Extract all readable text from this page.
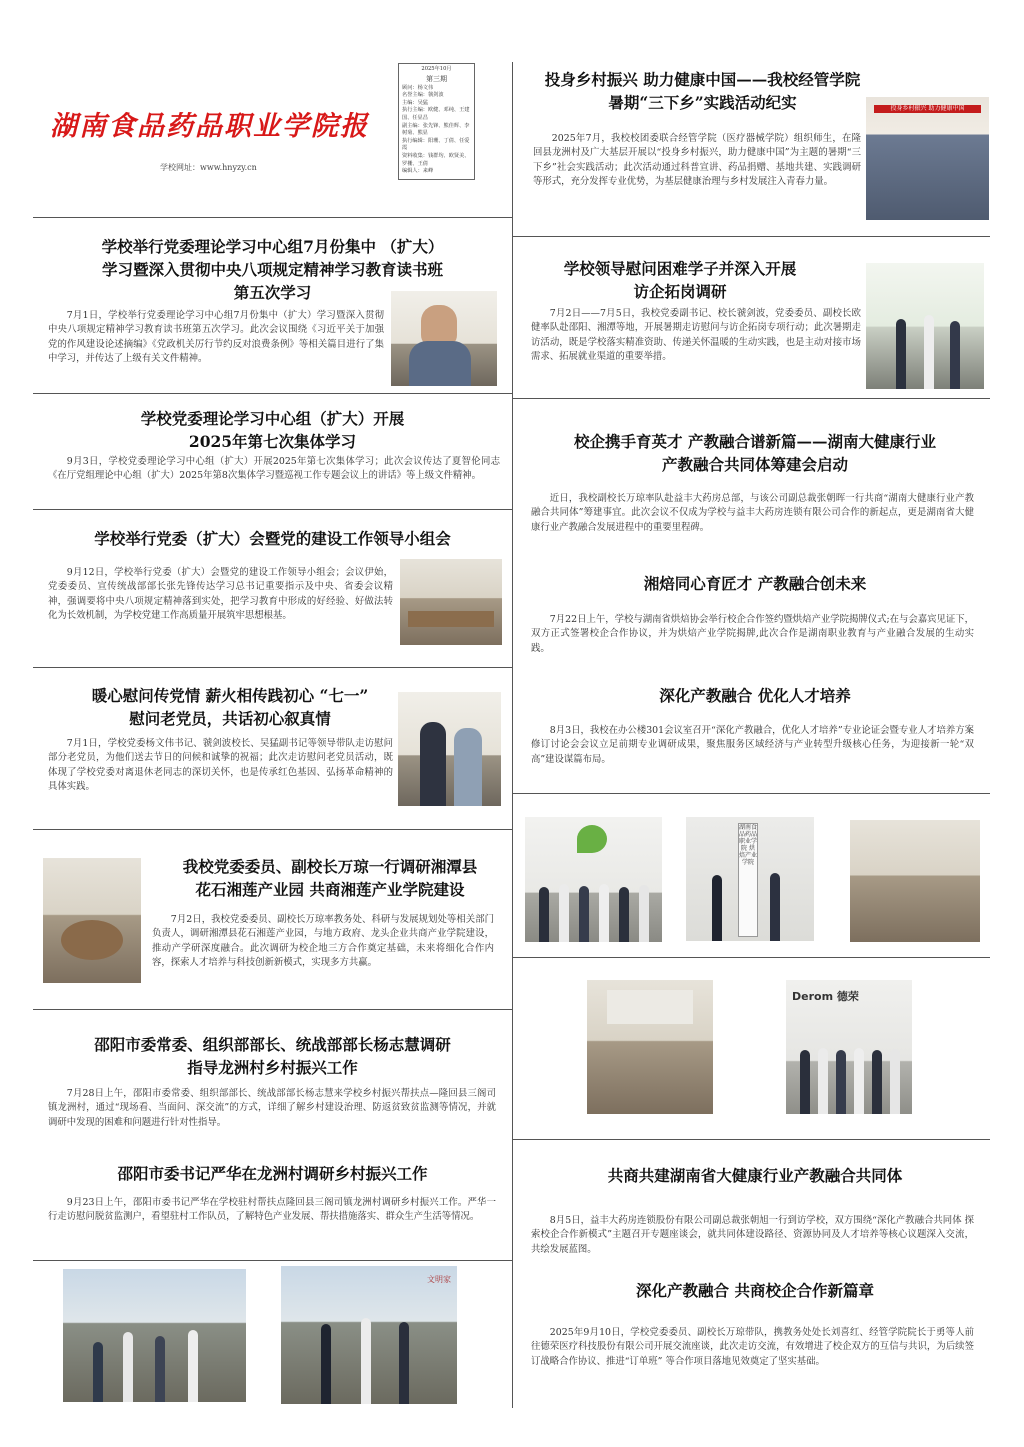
湖南食品药品职业学院报
学校网址：www.hnyzy.cn
2025年10月
第三期
顾问：杨文伟
名誉主编：虢剑波
主编：吴猛
执行主编：欧健、邓纯、王建国、任显昌
副主编：张先锋、熊佳辉、李树菊、熊显
执行编辑：阳珊、丁倩、任爱霞
资料收集：钱群均、欧贤美、罗栅、王倩
编辑人：来峰
学校举行党委理论学习中心组7月份集中 （扩大）
学习暨深入贯彻中央八项规定精神学习教育读书班
第五次学习

7月1日，学校举行党委理论学习中心组7月份集中（扩大）学习暨深入贯彻中央八项规定精神学习教育读书班第五次学习。此次会议围绕《习近平关于加强党的作风建设论述摘编》《党政机关厉行节约反对浪费条例》等相关篇目进行了集中学习，并传达了上级有关文件精神。

学校党委理论学习中心组（扩大）开展
2025年第七次集体学习

9月3日，学校党委理论学习中心组（扩大）开展2025年第七次集体学习；此次会议传达了夏智伦同志《在厅党组理论中心组（扩大）2025年第8次集体学习暨巡视工作专题会议上的讲话》等上级文件精神。

学校举行党委（扩大）会暨党的建设工作领导小组会

9月12日，学校举行党委（扩大）会暨党的建设工作领导小组会；会议伊始，党委委员、宣传统战部部长张先锋传达学习总书记重要指示及中央、省委会议精神，强调要将中央八项规定精神落到实处，把学习教育中形成的好经验、好做法转化为长效机制，为学校党建工作高质量开展筑牢思想根基。

暖心慰问传党情 薪火相传践初心 “七一”
慰问老党员，共话初心叙真情

7月1日，学校党委杨文伟书记、虢剑波校长、吴猛副书记等领导带队走访慰问部分老党员，为他们送去节日的问候和诚挚的祝福；此次走访慰问老党员活动，既体现了学校党委对离退休老同志的深切关怀，也是传承红色基因、弘扬革命精神的具体实践。

我校党委委员、副校长万琼一行调研湘潭县
花石湘莲产业园 共商湘莲产业学院建设

7月2日，我校党委委员、副校长万琼率教务处、科研与发展规划处等相关部门负责人，调研湘潭县花石湘莲产业园，与地方政府、龙头企业共商产业学院建设，推动产学研深度融合。此次调研为校企地三方合作奠定基础，未来将细化合作内容，探索人才培养与科技创新新模式，实现多方共赢。

邵阳市委常委、组织部部长、统战部部长杨志慧调研
指导龙洲村乡村振兴工作

7月28日上午，邵阳市委常委、组织部部长、统战部部长杨志慧来学校乡村振兴帮扶点—隆回县三阁司镇龙洲村，通过“现场看、当面问、深交流”的方式，详细了解乡村建设治理、防返贫致贫监测等情况，并就调研中发现的困难和问题进行针对性指导。

邵阳市委书记严华在龙洲村调研乡村振兴工作

9月23日上午，邵阳市委书记严华在学校驻村帮扶点隆回县三阁司镇龙洲村调研乡村振兴工作。严华一行走访慰问脱贫监测户，看望驻村工作队员，了解特色产业发展、帮扶措施落实、群众生产生活等情况。

文明家
投身乡村振兴 助力健康中国——我校经管学院
暑期“三下乡”实践活动纪实

2025年7月，我校校团委联合经管学院（医疗器械学院）组织师生，在隆回县龙洲村及广大基层开展以“投身乡村振兴，助力健康中国”为主题的暑期“三下乡”社会实践活动；此次活动通过科普宣讲、药品捐赠、基地共建、实践调研等形式，充分发挥专业优势，为基层健康治理与乡村发展注入青春力量。

投身乡村振兴 助力健康中国
学校领导慰问困难学子并深入开展
访企拓岗调研

7月2日——7月5日，我校党委副书记、校长虢剑波，党委委员、副校长欧健率队赴邵阳、湘潭等地，开展暑期走访慰问与访企拓岗专项行动；此次暑期走访活动，既是学校落实精准资助、传递关怀温暖的生动实践，也是主动对接市场需求、拓展就业渠道的重要举措。

校企携手育英才 产教融合谱新篇——湖南大健康行业
产教融合共同体筹建会启动

近日，我校副校长万琼率队赴益丰大药房总部，与该公司副总裁张朝晖一行共商“湖南大健康行业产教融合共同体”筹建事宜。此次会议不仅成为学校与益丰大药房连锁有限公司合作的新起点，更是湖南省大健康行业产教融合发展进程中的重要里程碑。

湘焙同心育匠才 产教融合创未来

7月22日上午，学校与湖南省烘焙协会举行校企合作签约暨烘焙产业学院揭牌仪式;在与会嘉宾见证下，双方正式签署校企合作协议，并为烘焙产业学院揭牌,此次合作是湖南职业教育与产业融合发展的生动实践。

深化产教融合 优化人才培养

8月3日，我校在办公楼301会议室召开“深化产教融合，优化人才培养”专业论证会暨专业人才培养方案修订讨论会会议立足前期专业调研成果，聚焦服务区域经济与产业转型升级核心任务，为迎接新一轮“双高”建设谋篇布局。

湖南食品药品职业学院 烘焙产业学院
Derom 德荣
共商共建湖南省大健康行业产教融合共同体

8月5日，益丰大药房连锁股份有限公司副总裁张朝旭一行到访学校，双方围绕“深化产教融合共同体 探索校企合作新模式”主题召开专题座谈会，就共同体建设路径、资源协同及人才培养等核心议题深入交流，共绘发展蓝图。

深化产教融合 共商校企合作新篇章

2025年9月10日，学校党委委员、副校长万琼带队，携教务处处长刘喜红、经管学院院长于勇等人前往德荣医疗科技股份有限公司开展交流座谈，此次走访交流，有效增进了校企双方的互信与共识，为后续签订战略合作协议、推进“订单班” 等合作项目落地见效奠定了坚实基础。
